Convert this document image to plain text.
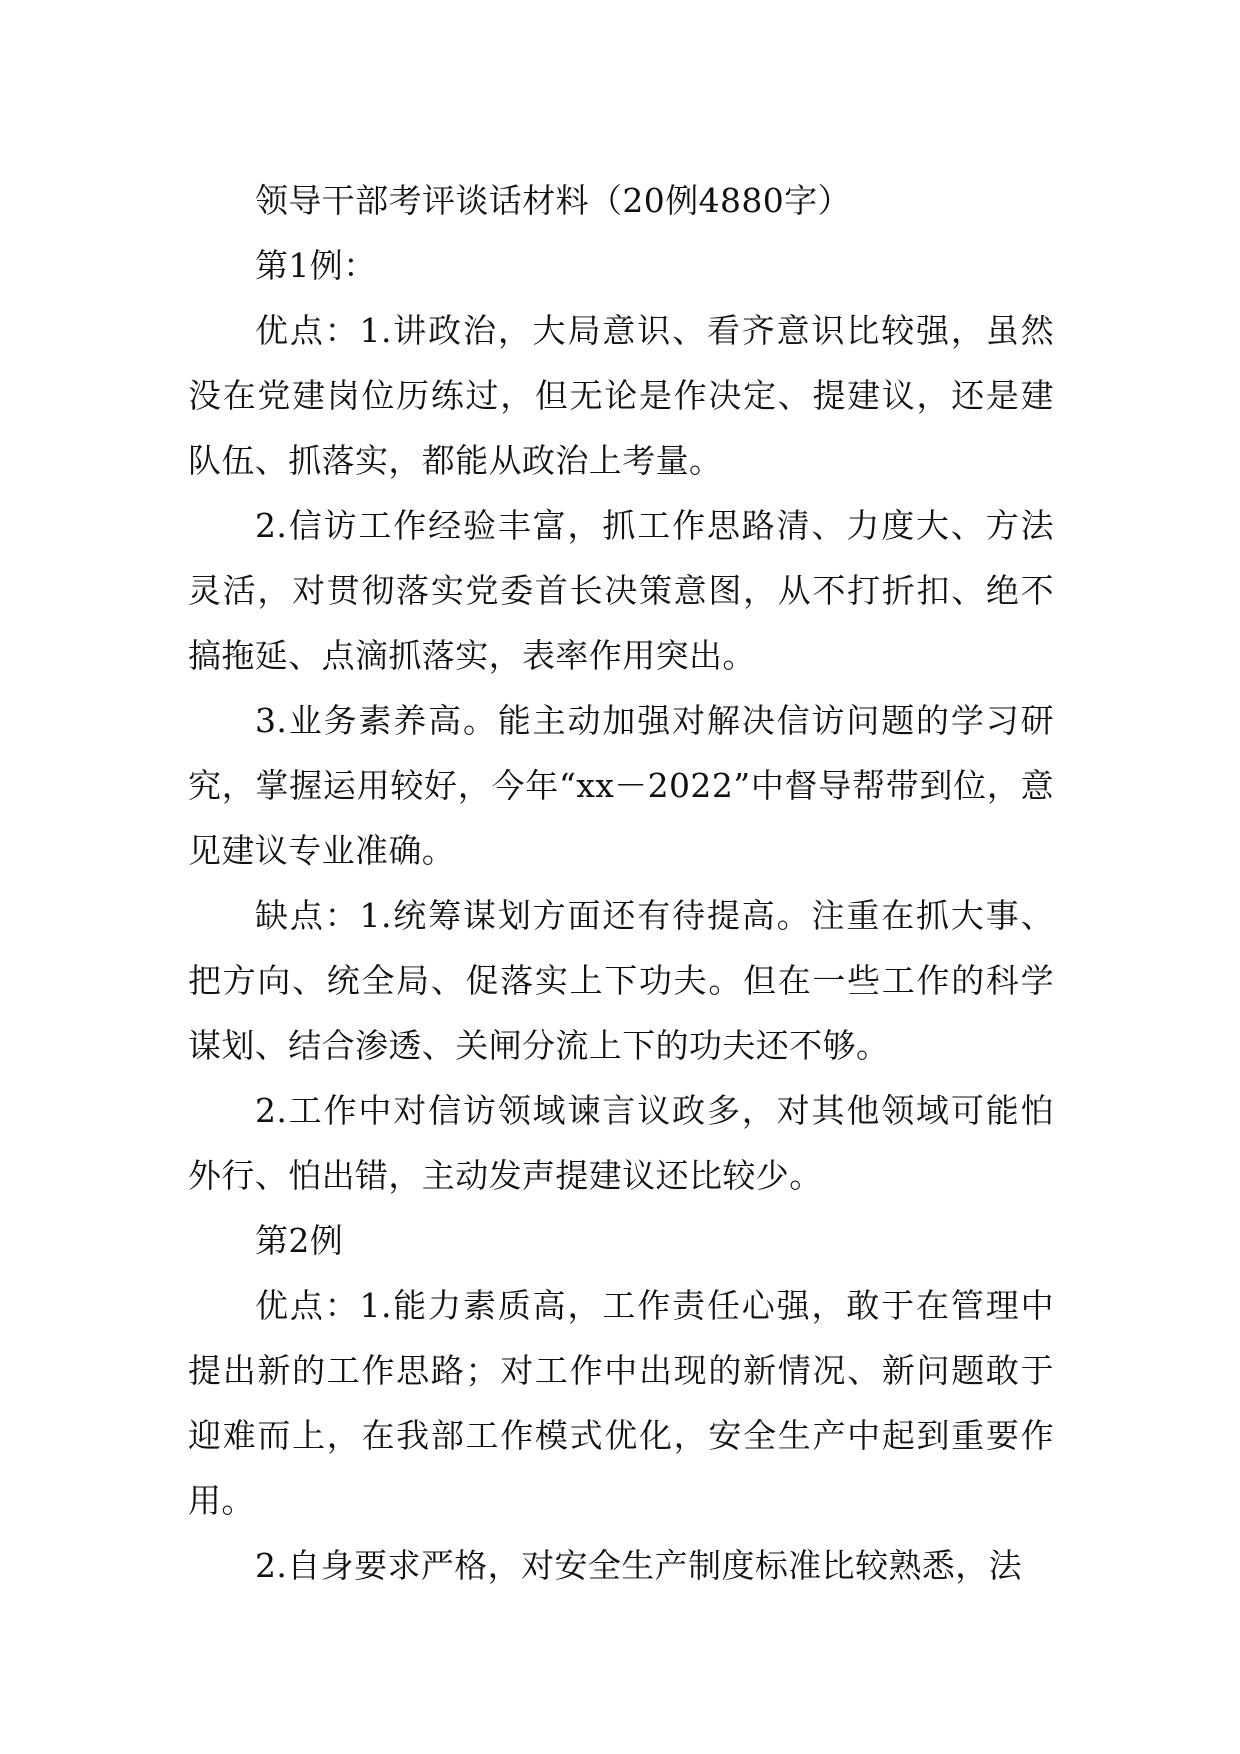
领导干部考评谈话材料（20例4880字）

第1例：

优点：1.讲政治，大局意识、看齐意识比较强，虽然没在党建岗位历练过，但无论是作决定、提建议，还是建队伍、抓落实，都能从政治上考量。

2.信访工作经验丰富，抓工作思路清、力度大、方法灵活，对贯彻落实党委首长决策意图，从不打折扣、绝不搞拖延、点滴抓落实，表率作用突出。

3.业务素养高。能主动加强对解决信访问题的学习研究，掌握运用较好，今年“xx－2022”中督导帮带到位，意见建议专业准确。

缺点：1.统筹谋划方面还有待提高。注重在抓大事、把方向、统全局、促落实上下功夫。但在一些工作的科学谋划、结合渗透、关闸分流上下的功夫还不够。

2.工作中对信访领域谏言议政多，对其他领域可能怕外行、怕出错，主动发声提建议还比较少。

第2例

优点：1.能力素质高，工作责任心强，敢于在管理中提出新的工作思路；对工作中出现的新情况、新问题敢于迎难而上，在我部工作模式优化，安全生产中起到重要作用。

2.自身要求严格，对安全生产制度标准比较熟悉，法
